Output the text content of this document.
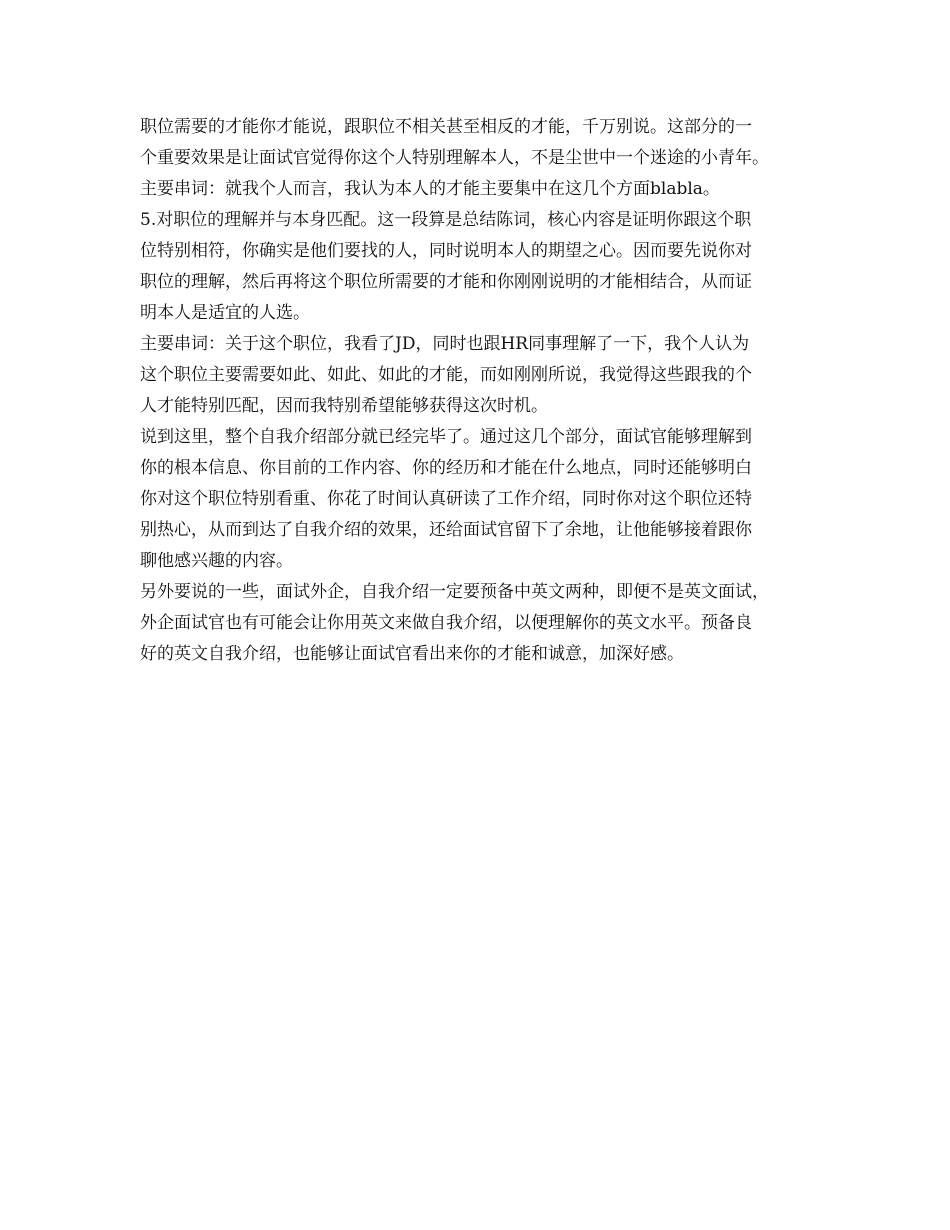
职位需要的才能你才能说，跟职位不相关甚至相反的才能，千万别说。这部分的一
个重要效果是让面试官觉得你这个人特别理解本人，不是尘世中一个迷途的小青年。
主要串词：就我个人而言，我认为本人的才能主要集中在这几个方面blabla。
5.对职位的理解并与本身匹配。这一段算是总结陈词，核心内容是证明你跟这个职
位特别相符，你确实是他们要找的人，同时说明本人的期望之心。因而要先说你对
职位的理解，然后再将这个职位所需要的才能和你刚刚说明的才能相结合，从而证
明本人是适宜的人选。
主要串词：关于这个职位，我看了JD，同时也跟HR同事理解了一下，我个人认为
这个职位主要需要如此、如此、如此的才能，而如刚刚所说，我觉得这些跟我的个
人才能特别匹配，因而我特别希望能够获得这次时机。
说到这里，整个自我介绍部分就已经完毕了。通过这几个部分，面试官能够理解到
你的根本信息、你目前的工作内容、你的经历和才能在什么地点，同时还能够明白
你对这个职位特别看重、你花了时间认真研读了工作介绍，同时你对这个职位还特
别热心，从而到达了自我介绍的效果，还给面试官留下了余地，让他能够接着跟你
聊他感兴趣的内容。
另外要说的一些，面试外企，自我介绍一定要预备中英文两种，即便不是英文面试，
外企面试官也有可能会让你用英文来做自我介绍，以便理解你的英文水平。预备良
好的英文自我介绍，也能够让面试官看出来你的才能和诚意，加深好感。
